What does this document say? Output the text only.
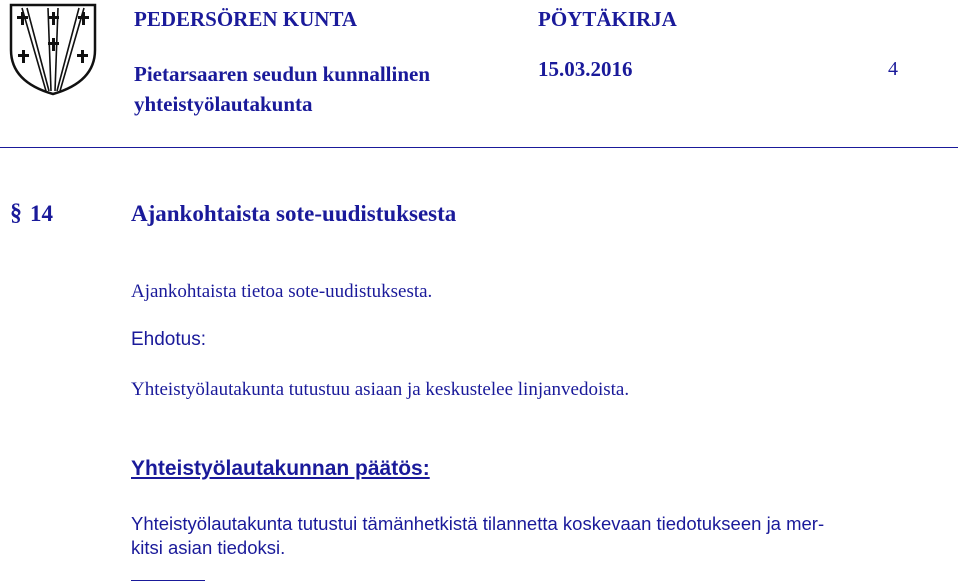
PEDERSÖREN KUNTA	PÖYTÄKIRJA
Pietarsaaren seudun kunnallinen
yhteistyölautakunta
15.03.2016	4
§ 14	Ajankohtaista sote-uudistuksesta
Ajankohtaista tietoa sote-uudistuksesta.
Ehdotus:
Yhteistyölautakunta tutustuu asiaan ja keskustelee linjanvedoista.
Yhteistyölautakunnan päätös:
Yhteistyölautakunta tutustui tämänhetkistä tilannetta koskevaan tiedotukseen ja mer-
kitsi asian tiedoksi.
